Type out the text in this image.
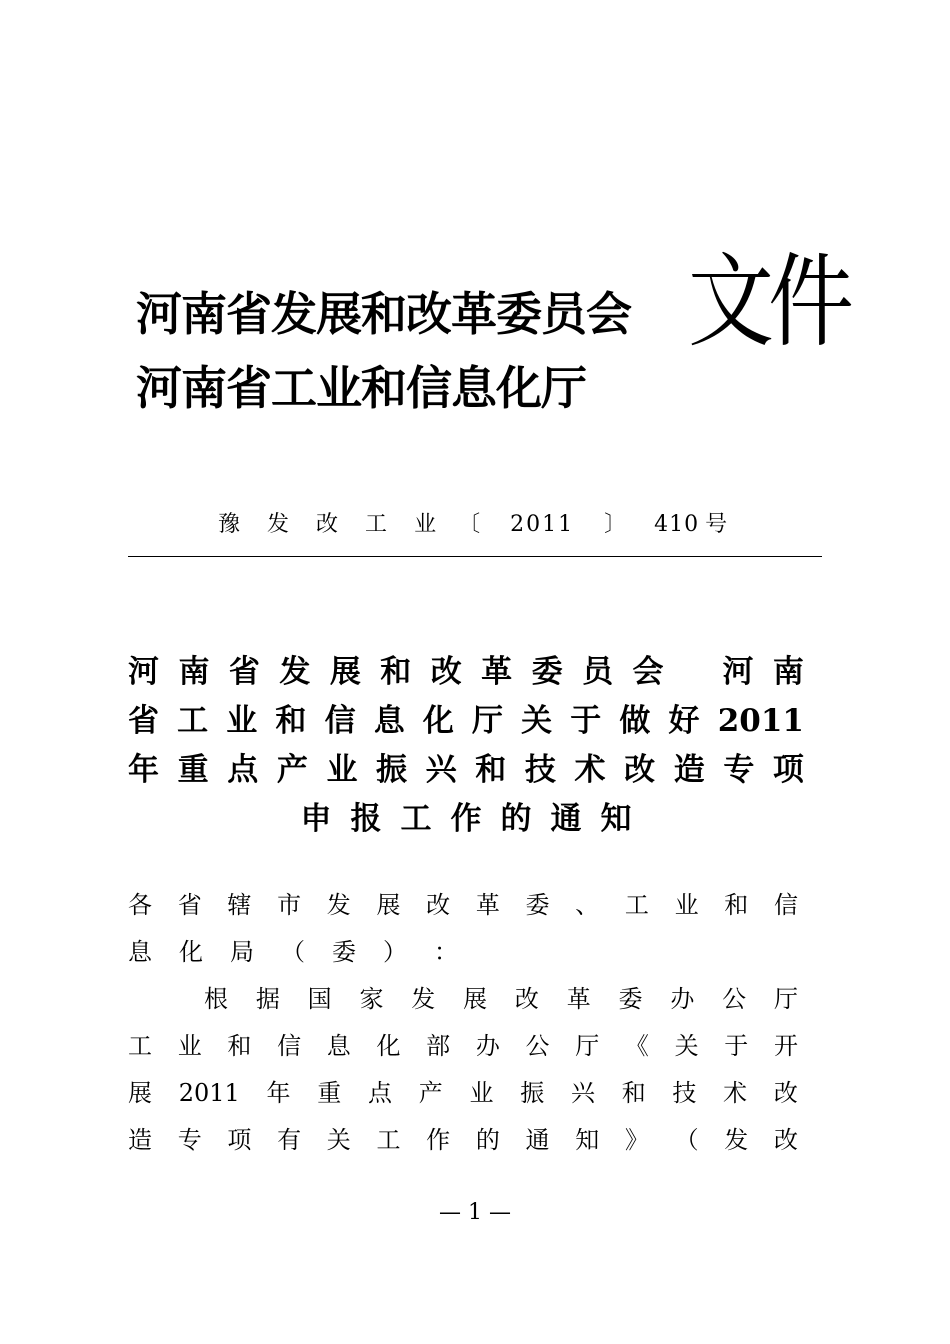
河南省发展和改革委员会
河南省工业和信息化厅
文件
豫 发 改 工 业 〔 2011 〕 410 号
河 南 省 发 展 和 改 革 委 员 会 河 南
省 工 业 和 信 息 化 厅 关 于 做 好 2011
年 重 点 产 业 振 兴 和 技 术 改 造 专 项
申 报 工 作 的 通 知
各 省 辖 市 发 展 改 革 委 、 工 业 和 信
息 化 局 （ 委 ） ：
根 据 国 家 发 展 改 革 委 办 公 厅
工 业 和 信 息 化 部 办 公 厅 《 关 于 开
展 2011 年 重 点 产 业 振 兴 和 技 术 改
造 专 项 有 关 工 作 的 通 知 》 （ 发 改
— 1 —
